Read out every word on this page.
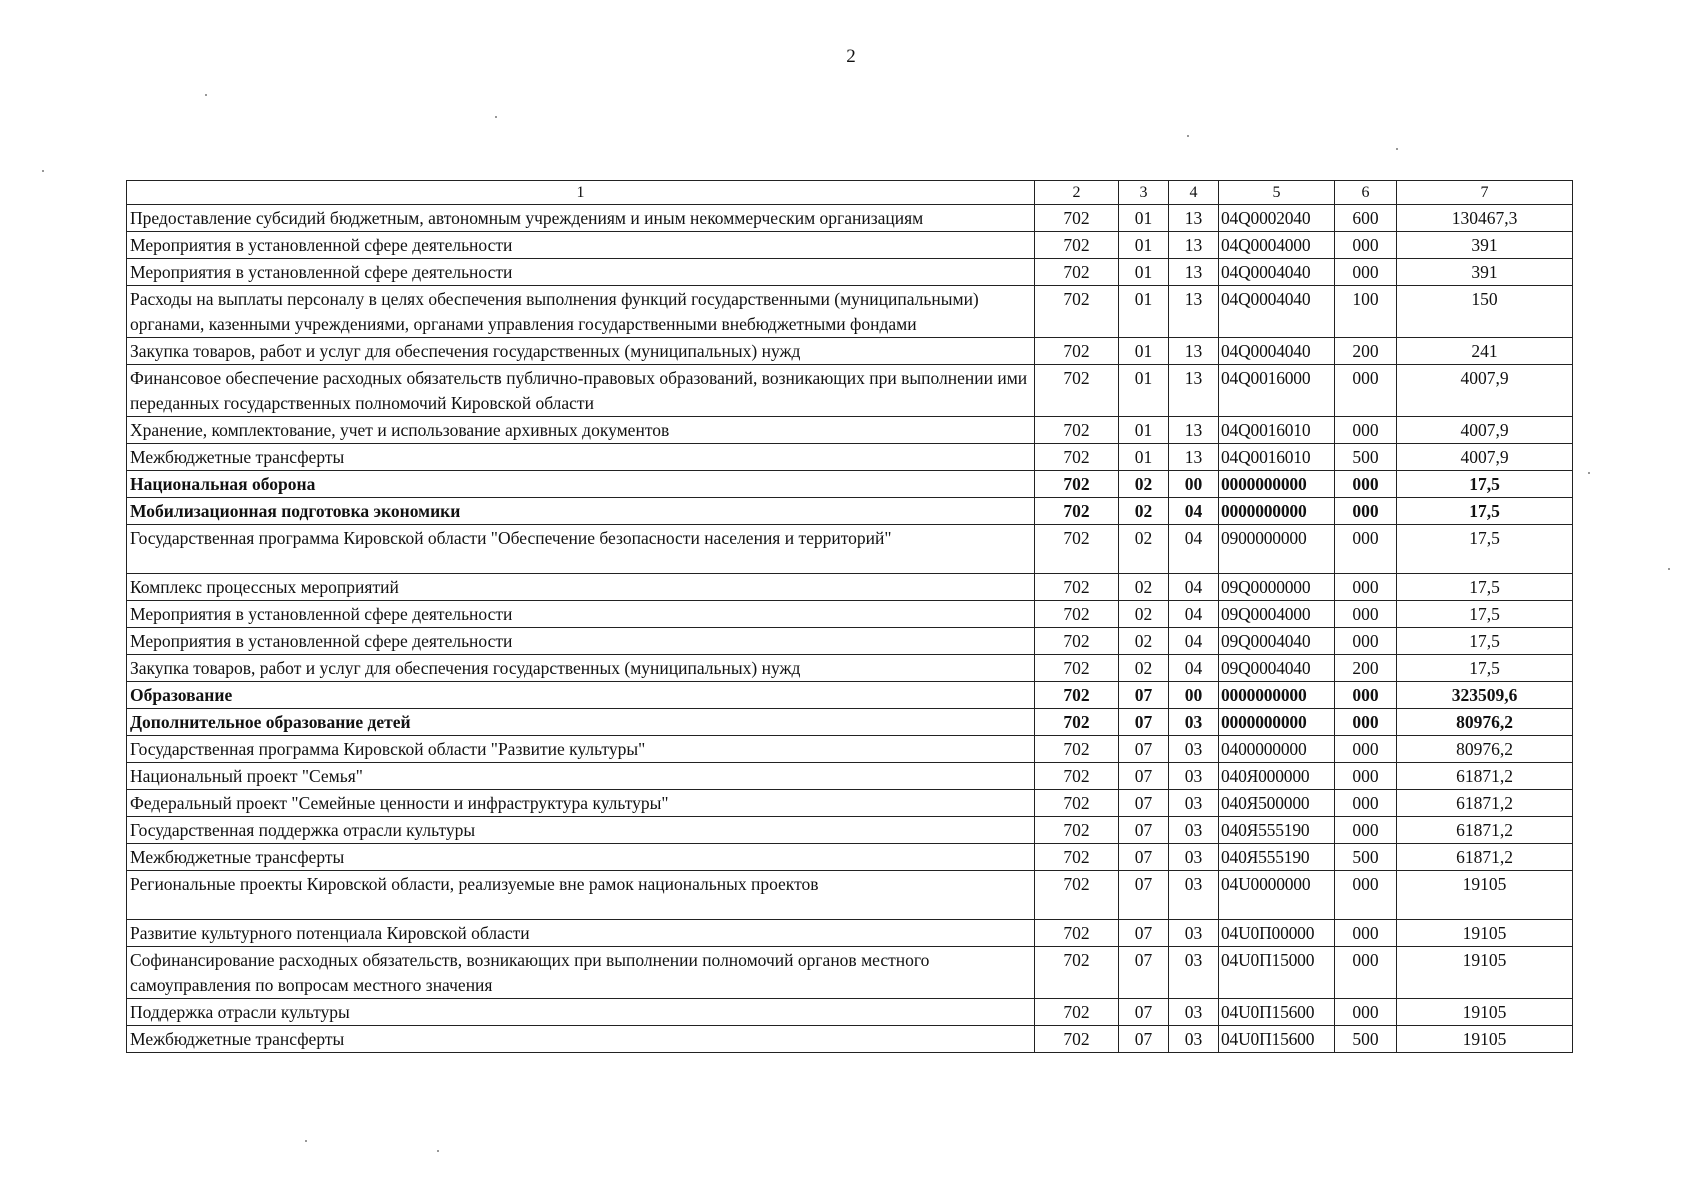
2
1	2	3	4	5	6	7
Предоставление субсидий бюджетным, автономным учреждениям и иным некоммерческим организациям	702	01	13	04Q0002040	600	130467,3
Мероприятия в установленной сфере деятельности	702	01	13	04Q0004000	000	391
Мероприятия в установленной сфере деятельности	702	01	13	04Q0004040	000	391
Расходы на выплаты персоналу в целях обеспечения выполнения функций государственными (муниципальными) органами, казенными учреждениями, органами управления государственными внебюджетными фондами	702	01	13	04Q0004040	100	150
Закупка товаров, работ и услуг для обеспечения государственных (муниципальных) нужд	702	01	13	04Q0004040	200	241
Финансовое обеспечение расходных обязательств публично-правовых образований, возникающих при выполнении ими переданных государственных полномочий Кировской области	702	01	13	04Q0016000	000	4007,9
Хранение, комплектование, учет и использование архивных документов	702	01	13	04Q0016010	000	4007,9
Межбюджетные трансферты	702	01	13	04Q0016010	500	4007,9
Национальная оборона	702	02	00	0000000000	000	17,5
Мобилизационная подготовка экономики	702	02	04	0000000000	000	17,5
Государственная программа Кировской области "Обеспечение безопасности населения и территорий"	702	02	04	0900000000	000	17,5
Комплекс процессных мероприятий	702	02	04	09Q0000000	000	17,5
Мероприятия в установленной сфере деятельности	702	02	04	09Q0004000	000	17,5
Мероприятия в установленной сфере деятельности	702	02	04	09Q0004040	000	17,5
Закупка товаров, работ и услуг для обеспечения государственных (муниципальных) нужд	702	02	04	09Q0004040	200	17,5
Образование	702	07	00	0000000000	000	323509,6
Дополнительное образование детей	702	07	03	0000000000	000	80976,2
Государственная программа Кировской области "Развитие культуры"	702	07	03	0400000000	000	80976,2
Национальный проект "Семья"	702	07	03	040Я000000	000	61871,2
Федеральный проект "Семейные ценности и инфраструктура культуры"	702	07	03	040Я500000	000	61871,2
Государственная поддержка отрасли культуры	702	07	03	040Я555190	000	61871,2
Межбюджетные трансферты	702	07	03	040Я555190	500	61871,2
Региональные проекты Кировской области, реализуемые вне рамок национальных проектов	702	07	03	04U0000000	000	19105
Развитие культурного потенциала Кировской области	702	07	03	04U0П00000	000	19105
Софинансирование расходных обязательств, возникающих при выполнении полномочий органов местного самоуправления по вопросам местного значения	702	07	03	04U0П15000	000	19105
Поддержка отрасли культуры	702	07	03	04U0П15600	000	19105
Межбюджетные трансферты	702	07	03	04U0П15600	500	19105
